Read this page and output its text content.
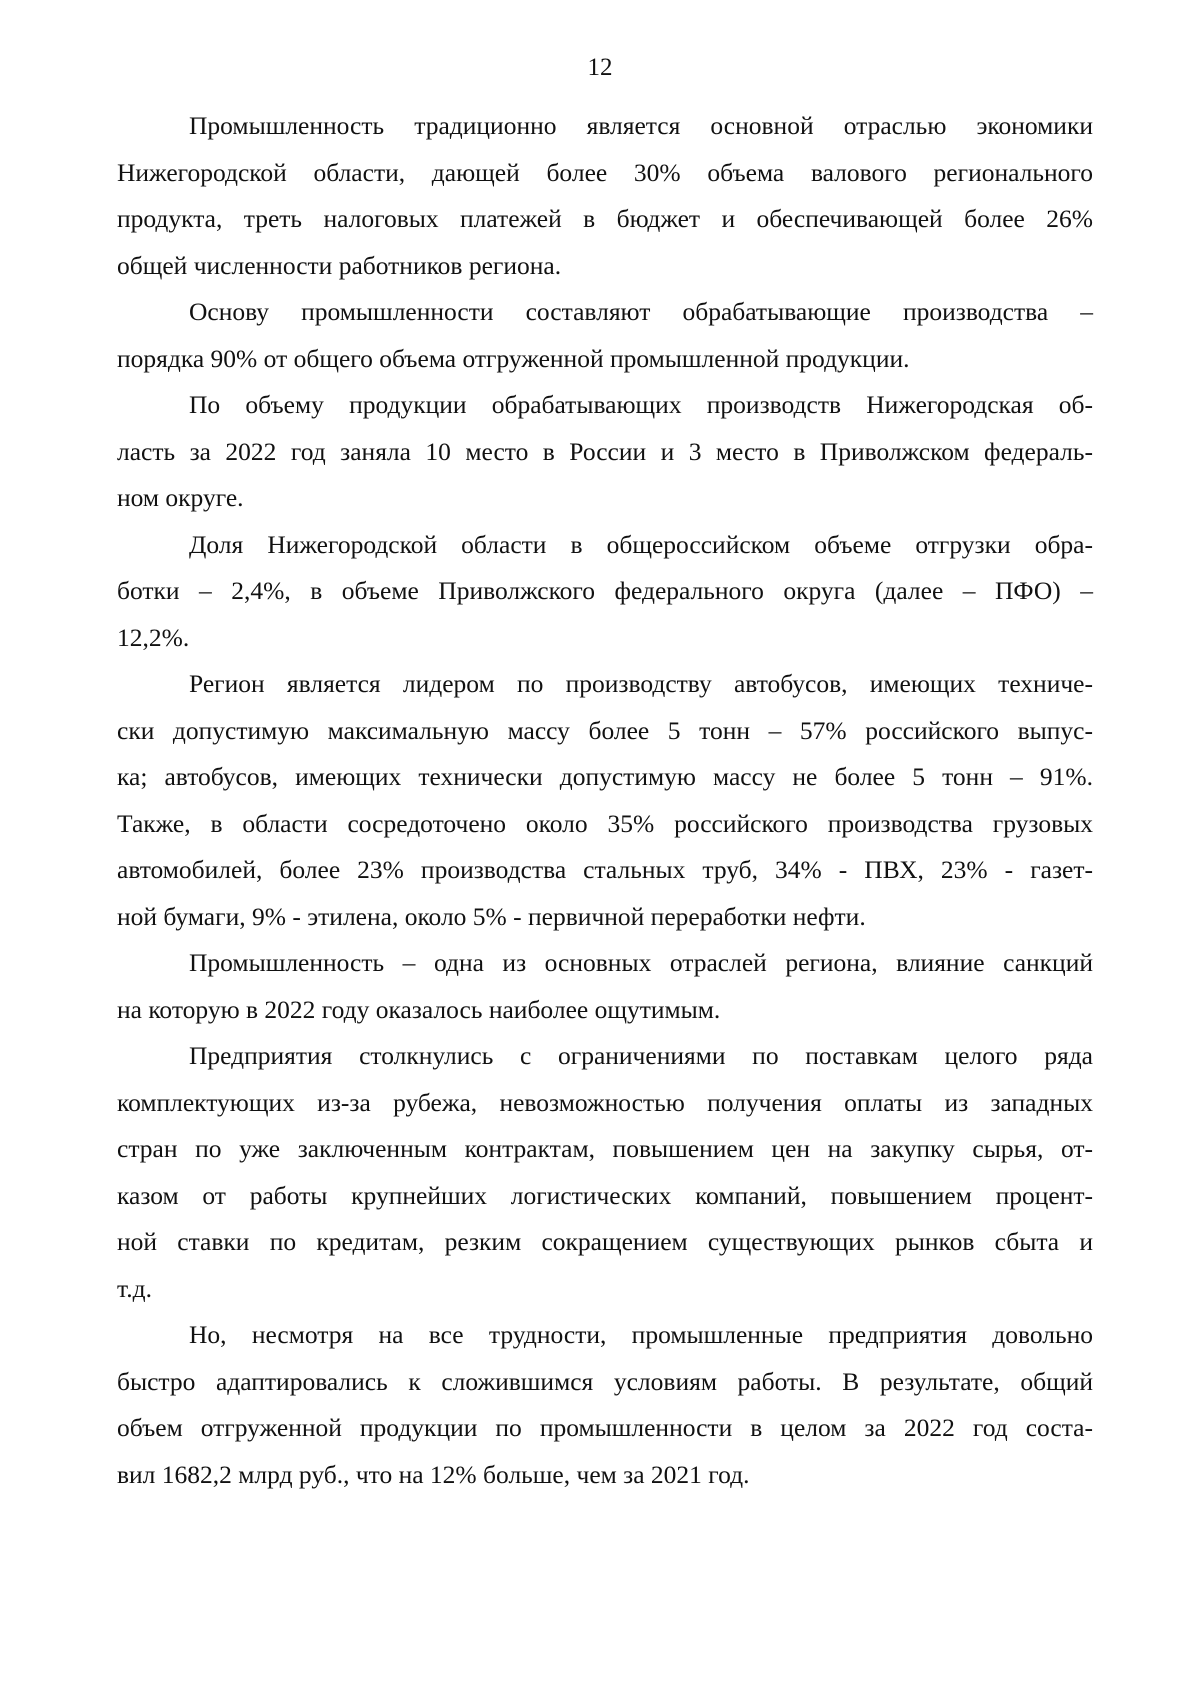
12

Промышленность традиционно является основной отраслью экономики
Нижегородской области, дающей более 30% объема валового регионального
продукта, треть налоговых платежей в бюджет и обеспечивающей более 26%
общей численности работников региона.

Основу промышленности составляют обрабатывающие производства –
порядка 90% от общего объема отгруженной промышленной продукции.

По объему продукции обрабатывающих производств Нижегородская об-
ласть за 2022 год заняла 10 место в России и 3 место в Приволжском федераль-
ном округе.

Доля Нижегородской области в общероссийском объеме отгрузки обра-
ботки – 2,4%, в объеме Приволжского федерального округа (далее – ПФО) –
12,2%.

Регион является лидером по производству автобусов, имеющих техниче-
ски допустимую максимальную массу более 5 тонн – 57% российского выпус-
ка; автобусов, имеющих технически допустимую массу не более 5 тонн – 91%.
Также, в области сосредоточено около 35% российского производства грузовых
автомобилей, более 23% производства стальных труб, 34% - ПВХ, 23% - газет-
ной бумаги, 9% - этилена, около 5% - первичной переработки нефти.

Промышленность – одна из основных отраслей региона, влияние санкций
на которую в 2022 году оказалось наиболее ощутимым.

Предприятия столкнулись с ограничениями по поставкам целого ряда
комплектующих из-за рубежа, невозможностью получения оплаты из западных
стран по уже заключенным контрактам, повышением цен на закупку сырья, от-
казом от работы крупнейших логистических компаний, повышением процент-
ной ставки по кредитам, резким сокращением существующих рынков сбыта и
т.д.

Но, несмотря на все трудности, промышленные предприятия довольно
быстро адаптировались к сложившимся условиям работы. В результате, общий
объем отгруженной продукции по промышленности в целом за 2022 год соста-
вил 1682,2 млрд руб., что на 12% больше, чем за 2021 год.
